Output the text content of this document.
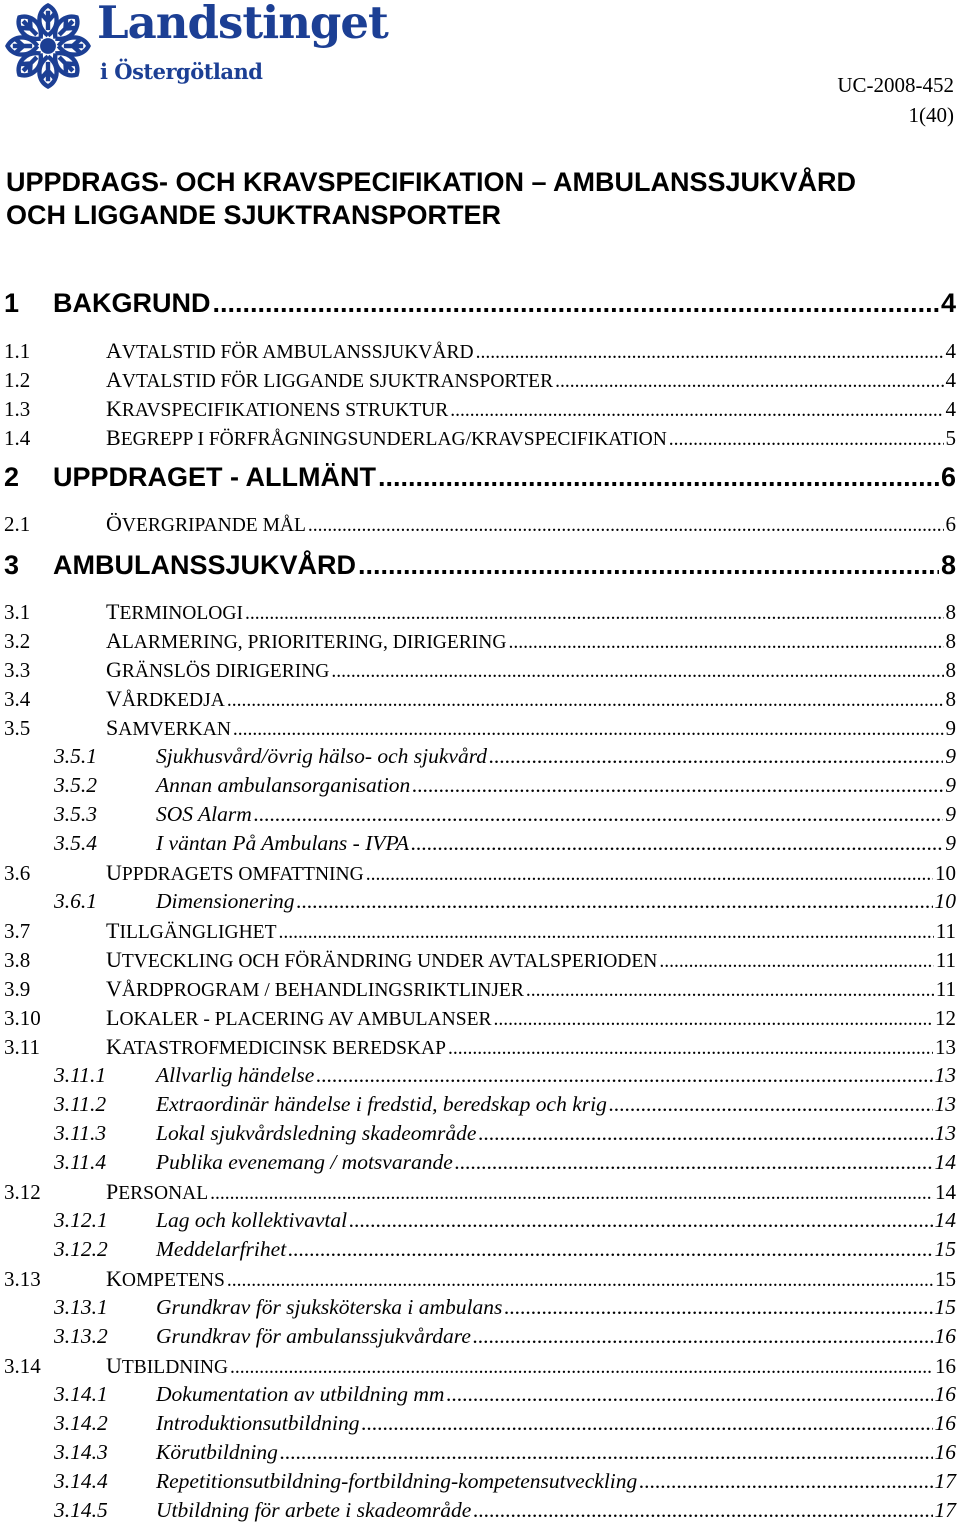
Landstinget
i Östergötland
UC-2008-452
1(40)
UPPDRAGS- OCH KRAVSPECIFIKATION – AMBULANSSJUKVÅRD
OCH LIGGANDE SJUKTRANSPORTER
1	BAKGRUND .....	4
1.1	AVTALSTID FÖR AMBULANSSJUKVÅRD .....	4
1.2	AVTALSTID FÖR LIGGANDE SJUKTRANSPORTER .....	4
1.3	KRAVSPECIFIKATIONENS STRUKTUR .....	4
1.4	BEGREPP I FÖRFRÅGNINGSUNDERLAG/KRAVSPECIFIKATION .....	5
2	UPPDRAGET - ALLMÄNT .....	6
2.1	ÖVERGRIPANDE MÅL .....	6
3	AMBULANSSJUKVÅRD .....	8
3.1	TERMINOLOGI .....	8
3.2	ALARMERING, PRIORITERING, DIRIGERING .....	8
3.3	GRÄNSLÖS DIRIGERING .....	8
3.4	VÅRDKEDJA .....	8
3.5	SAMVERKAN .....	9
3.5.1	Sjukhusvård/övrig hälso- och sjukvård .....	9
3.5.2	Annan ambulansorganisation .....	9
3.5.3	SOS Alarm .....	9
3.5.4	I väntan På Ambulans - IVPA .....	9
3.6	UPPDRAGETS OMFATTNING .....	10
3.6.1	Dimensionering .....	10
3.7	TILLGÄNGLIGHET .....	11
3.8	UTVECKLING OCH FÖRÄNDRING UNDER AVTALSPERIODEN .....	11
3.9	VÅRDPROGRAM / BEHANDLINGSRIKTLINJER .....	11
3.10	LOKALER - PLACERING AV AMBULANSER .....	12
3.11	KATASTROFMEDICINSK BEREDSKAP .....	13
3.11.1	Allvarlig händelse .....	13
3.11.2	Extraordinär händelse i fredstid, beredskap och krig .....	13
3.11.3	Lokal sjukvårdsledning skadeområde .....	13
3.11.4	Publika evenemang / motsvarande .....	14
3.12	PERSONAL .....	14
3.12.1	Lag och kollektivavtal .....	14
3.12.2	Meddelarfrihet .....	15
3.13	KOMPETENS .....	15
3.13.1	Grundkrav för sjuksköterska i ambulans .....	15
3.13.2	Grundkrav för ambulanssjukvårdare .....	16
3.14	UTBILDNING .....	16
3.14.1	Dokumentation av utbildning mm .....	16
3.14.2	Introduktionsutbildning .....	16
3.14.3	Körutbildning .....	16
3.14.4	Repetitionsutbildning-fortbildning-kompetensutveckling .....	17
3.14.5	Utbildning för arbete i skadeområde .....	17
